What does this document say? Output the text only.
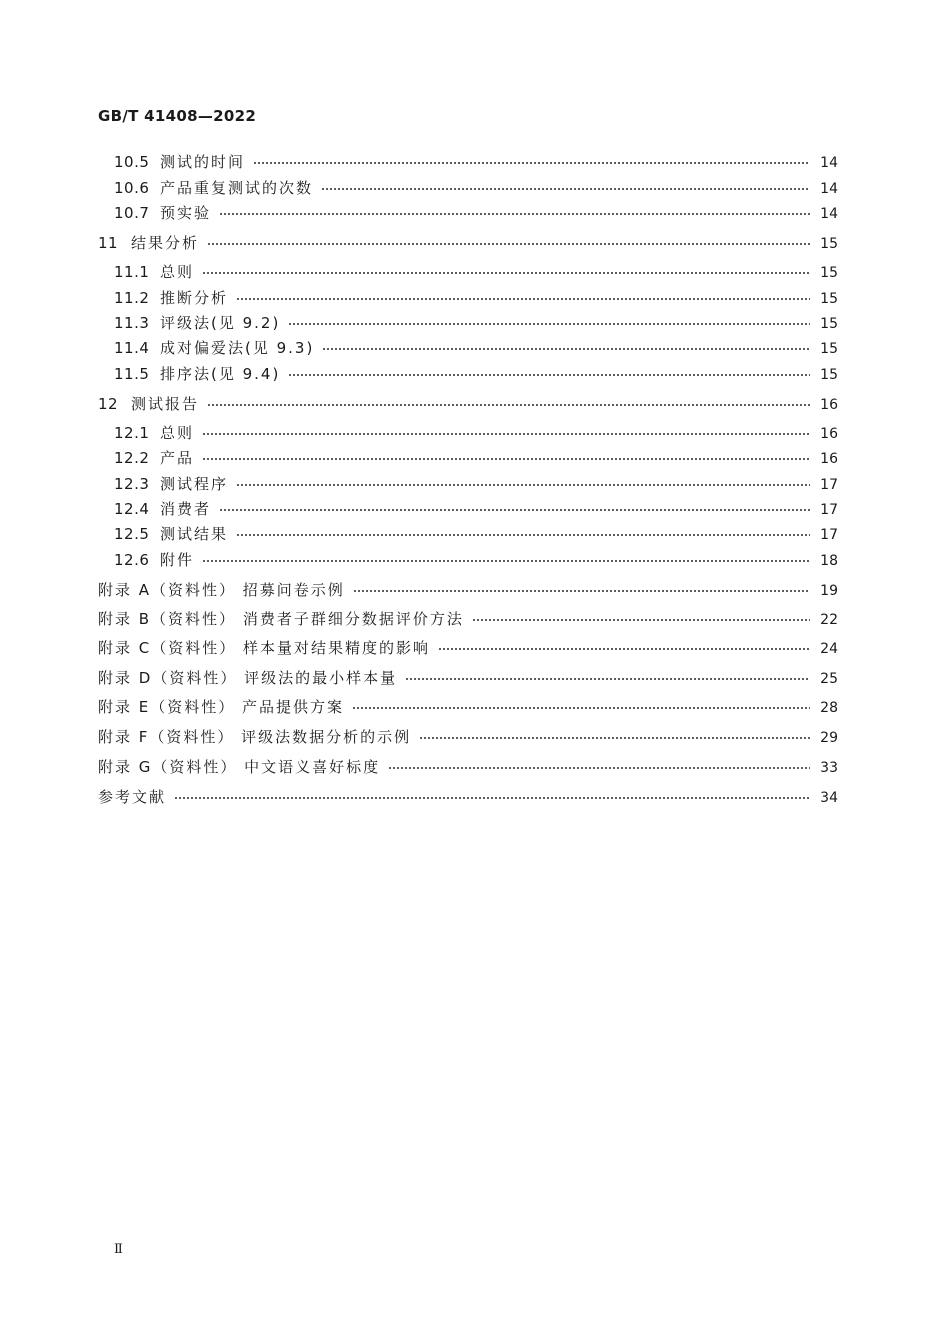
GB/T 41408—2022
10.5 测试的时间	14
10.6 产品重复测试的次数	14
10.7 预实验	14
11 结果分析	15
11.1 总则	15
11.2 推断分析	15
11.3 评级法(见 9.2)	15
11.4 成对偏爱法(见 9.3)	15
11.5 排序法(见 9.4)	15
12 测试报告	16
12.1 总则	16
12.2 产品	16
12.3 测试程序	17
12.4 消费者	17
12.5 测试结果	17
12.6 附件	18
附录 A（资料性） 招募问卷示例	19
附录 B（资料性） 消费者子群细分数据评价方法	22
附录 C（资料性） 样本量对结果精度的影响	24
附录 D（资料性） 评级法的最小样本量	25
附录 E（资料性） 产品提供方案	28
附录 F（资料性） 评级法数据分析的示例	29
附录 G（资料性） 中文语义喜好标度	33
参考文献	34
Ⅱ
